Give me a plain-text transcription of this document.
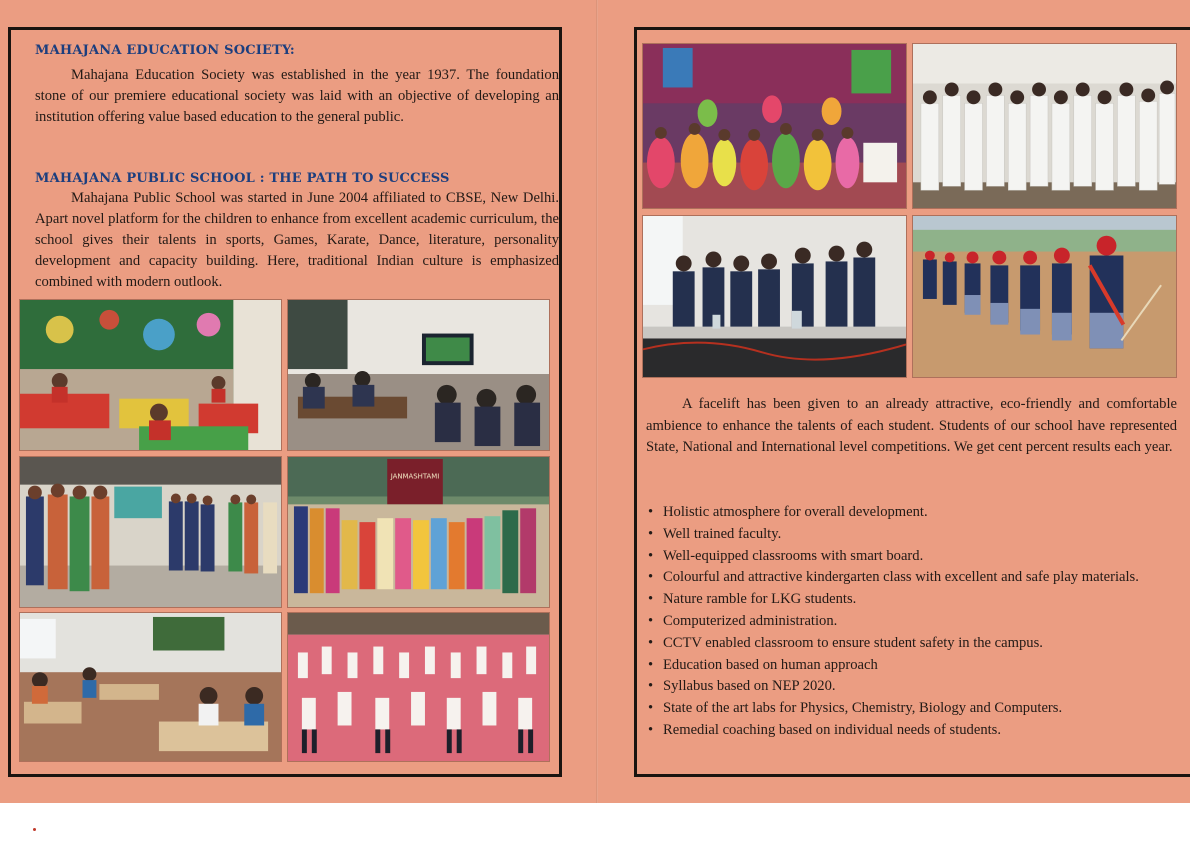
MAHAJANA EDUCATION SOCIETY:

Mahajana Education Society was established in the year 1937. The foundation stone of our premiere educational society was laid with an objective of developing an institution offering value based education to the general public.

MAHAJANA PUBLIC SCHOOL : THE PATH TO SUCCESS

Mahajana Public School was started in June 2004 affiliated to CBSE, New Delhi. Apart novel platform for the children to enhance from excellent academic curriculum, the school gives their talents in sports, Games, Karate, Dance, literature, personality development and capacity building. Here, traditional Indian culture is emphasized combined with modern outlook.

JANMASHTAMI

A facelift has been given to an already attractive, eco-friendly and comfortable ambience to enhance the talents of each student. Students of our school have represented State, National and International level competitions. We get cent percent results each year.

• Holistic atmosphere for overall development.
• Well trained faculty.
• Well-equipped classrooms with smart board.
• Colourful and attractive kindergarten class with excellent and safe play materials.
• Nature ramble for LKG students.
• Computerized administration.
• CCTV enabled classroom to ensure student safety in the campus.
• Education based on human approach
• Syllabus based on NEP 2020.
• State of the art labs for Physics, Chemistry, Biology and Computers.
• Remedial coaching based on individual needs of students.
